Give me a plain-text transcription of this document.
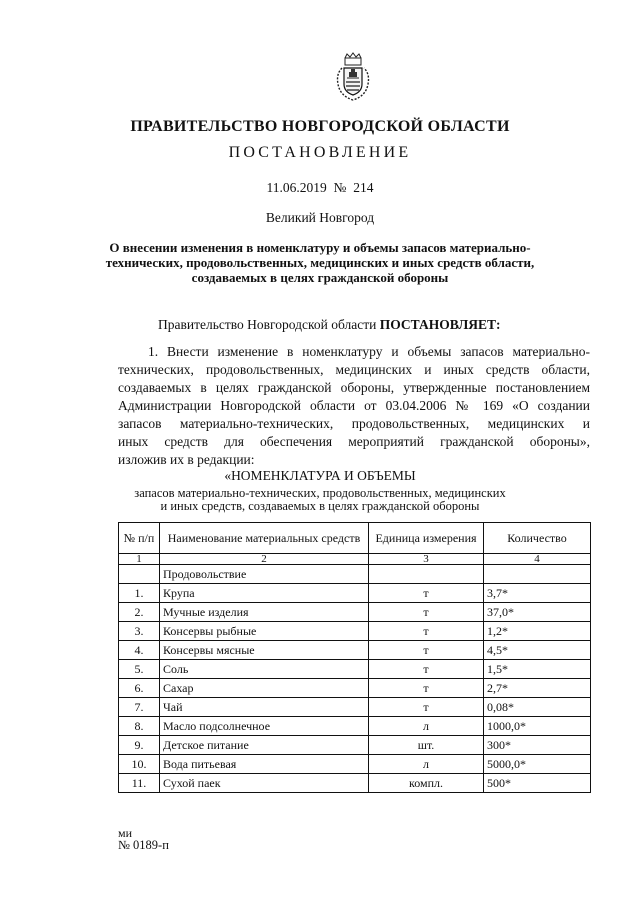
ПРАВИТЕЛЬСТВО НОВГОРОДСКОЙ ОБЛАСТИ
ПОСТАНОВЛЕНИЕ
11.06.2019 № 214
Великий Новгород
О внесении изменения в номенклатуру и объемы запасов материально-
технических, продовольственных, медицинских и иных средств области,
создаваемых в целях гражданской обороны
Правительство Новгородской области ПОСТАНОВЛЯЕТ:
1. Внести изменение в номенклатуру и объемы запасов материально-
технических, продовольственных, медицинских и иных средств области,
создаваемых в целях гражданской обороны, утвержденные постановлением
Администрации Новгородской области от 03.04.2006 № 169 «О создании
запасов материально-технических, продовольственных, медицинских и
иных средств для обеспечения мероприятий гражданской обороны»,
изложив их в редакции:
«НОМЕНКЛАТУРА И ОБЪЕМЫ
запасов материально-технических, продовольственных, медицинских
и иных средств, создаваемых в целях гражданской обороны
№ п/п	Наименование материальных средств	Единица измерения	Количество
1	2	3	4
	Продовольствие		
1.	Крупа	т	3,7*
2.	Мучные изделия	т	37,0*
3.	Консервы рыбные	т	1,2*
4.	Консервы мясные	т	4,5*
5.	Соль	т	1,5*
6.	Сахар	т	2,7*
7.	Чай	т	0,08*
8.	Масло подсолнечное	л	1000,0*
9.	Детское питание	шт.	300*
10.	Вода питьевая	л	5000,0*
11.	Сухой паек	компл.	500*
ми
№ 0189-п
